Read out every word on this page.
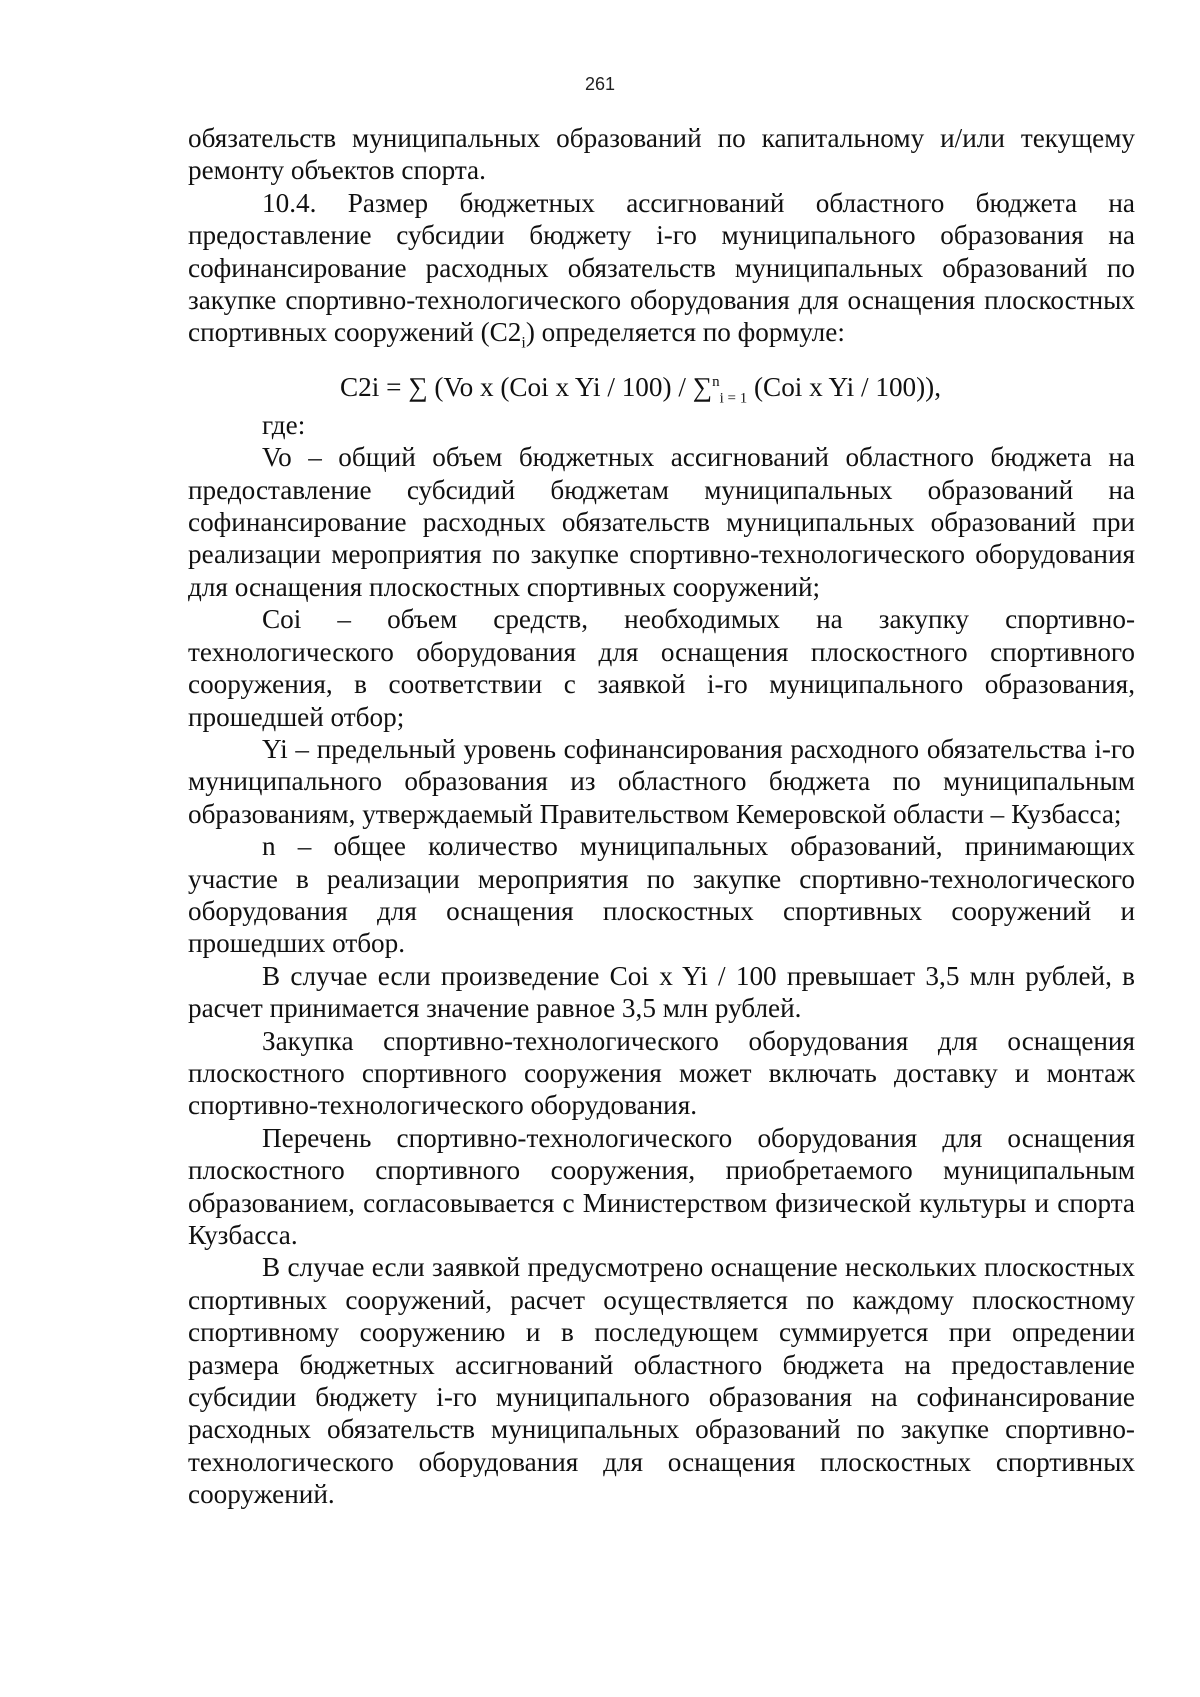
261

обязательств муниципальных образований по капитальному и/или текущему ремонту объектов спорта.

10.4. Размер бюджетных ассигнований областного бюджета на предоставление субсидии бюджету i-го муниципального образования на софинансирование расходных обязательств муниципальных образований по закупке спортивно-технологического оборудования для оснащения плоскостных спортивных сооружений $(C2_i)$ определяется по формуле:

C2i = ∑ (Vo x (Coi x Yi / 100) / ∑$^n_{i = 1}$ (Coi x Yi / 100)),

где:

Vo – общий объем бюджетных ассигнований областного бюджета на предоставление субсидий бюджетам муниципальных образований на софинансирование расходных обязательств муниципальных образований при реализации мероприятия по закупке спортивно-технологического оборудования для оснащения плоскостных спортивных сооружений;

Coi – объем средств, необходимых на закупку спортивно-технологического оборудования для оснащения плоскостного спортивного сооружения, в соответствии с заявкой i-го муниципального образования, прошедшей отбор;

Yi – предельный уровень софинансирования расходного обязательства i-го муниципального образования из областного бюджета по муниципальным образованиям, утверждаемый Правительством Кемеровской области – Кузбасса;

n – общее количество муниципальных образований, принимающих участие в реализации мероприятия по закупке спортивно-технологического оборудования для оснащения плоскостных спортивных сооружений и прошедших отбор.

В случае если произведение Coi x Yi / 100 превышает 3,5 млн рублей, в расчет принимается значение равное 3,5 млн рублей.

Закупка спортивно-технологического оборудования для оснащения плоскостного спортивного сооружения может включать доставку и монтаж спортивно-технологического оборудования.

Перечень спортивно-технологического оборудования для оснащения плоскостного спортивного сооружения, приобретаемого муниципальным образованием, согласовывается с Министерством физической культуры и спорта Кузбасса.

В случае если заявкой предусмотрено оснащение нескольких плоскостных спортивных сооружений, расчет осуществляется по каждому плоскостному спортивному сооружению и в последующем суммируется при опредении размера бюджетных ассигнований областного бюджета на предоставление субсидии бюджету i-го муниципального образования на софинансирование расходных обязательств муниципальных образований по закупке спортивно-технологического оборудования для оснащения плоскостных спортивных сооружений.
